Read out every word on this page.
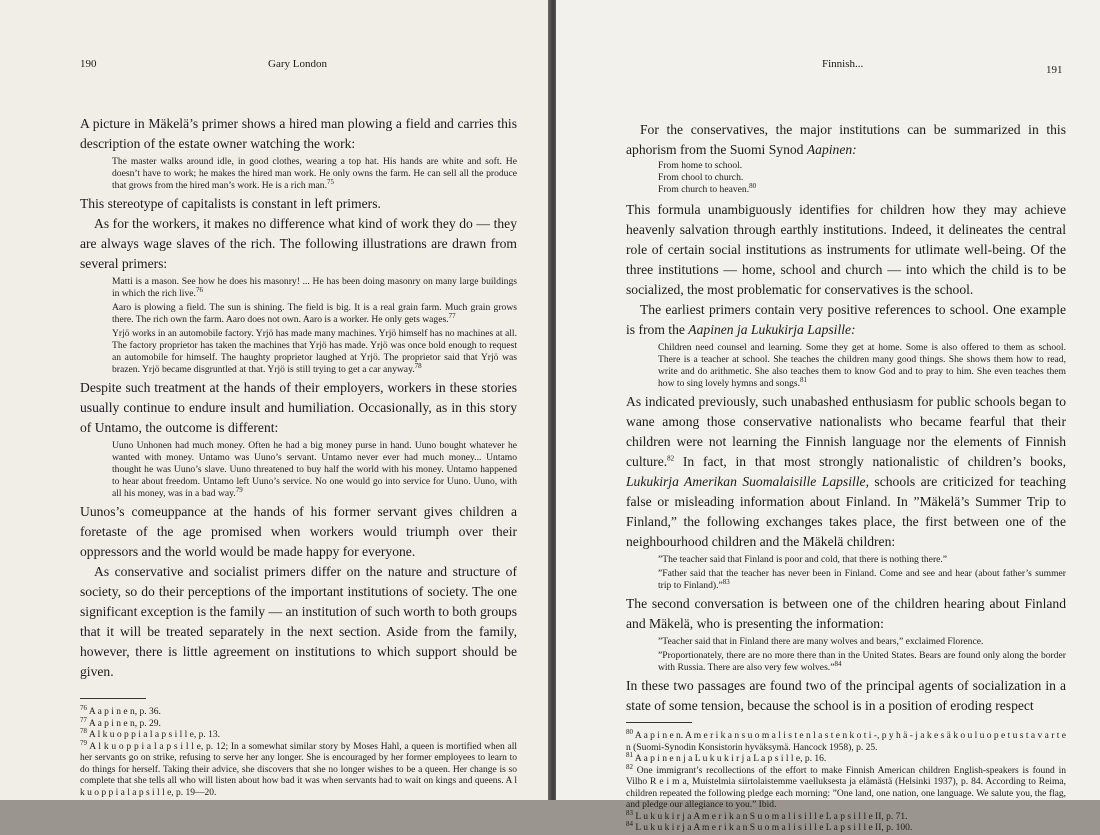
190	Gary London

A picture in Mäkelä’s primer shows a hired man plowing a field and carries this description of the estate owner watching the work:

The master walks around idle, in good clothes, wearing a top hat. His hands are white and soft. He doesn’t have to work; he makes the hired man work. He only owns the farm. He can sell all the produce that grows from the hired man’s work. He is a rich man.$^{75}$

This stereotype of capitalists is constant in left primers.

As for the workers, it makes no difference what kind of work they do — they are always wage slaves of the rich. The following illustrations are drawn from several primers:

Matti is a mason. See how he does his masonry! ... He has been doing masonry on many large buildings in which the rich live.$^{76}$
Aaro is plowing a field. The sun is shining. The field is big. It is a real grain farm. Much grain grows there. The rich own the farm. Aaro does not own. Aaro is a worker. He only gets wages.$^{77}$
Yrjö works in an automobile factory. Yrjö has made many machines. Yrjö himself has no machines at all. The factory proprietor has taken the machines that Yrjö has made. Yrjö was once bold enough to request an automobile for himself. The haughty proprietor laughed at Yrjö. The proprietor said that Yrjö was brazen. Yrjö became disgruntled at that. Yrjö is still trying to get a car anyway.$^{78}$

Despite such treatment at the hands of their employers, workers in these stories usually continue to endure insult and humiliation. Occasionally, as in this story of Untamo, the outcome is different:

Uuno Unhonen had much money. Often he had a big money purse in hand. Uuno bought whatever he wanted with money. Untamo was Uuno’s servant. Untamo never ever had much money... Untamo thought he was Uuno’s slave. Uuno threatened to buy half the world with his money. Untamo happened to hear about freedom. Untamo left Uuno’s service. No one would go into service for Uuno. Uuno, with all his money, was in a bad way.$^{79}$

Uunos’s comeuppance at the hands of his former servant gives children a foretaste of the age promised when workers would triumph over their oppressors and the world would be made happy for everyone.

As conservative and socialist primers differ on the nature and structure of society, so do their perceptions of the important institutions of society. The one significant exception is the family — an institution of such worth to both groups that it will be treated separately in the next section. Aside from the family, however, there is little agreement on institutions to which support should be given.

$^{76}$ A a p i n e n, p. 36.
$^{77}$ A a p i n e n, p. 29.
$^{78}$ A l k u o p p i a l a p s i l l e, p. 13.
$^{79}$ A l k u o p p i a l a p s i l l e, p. 12; In a somewhat similar story by Moses Hahl, a queen is mortified when all her servants go on strike, refusing to serve her any longer. She is encouraged by her former employees to learn to do things for herself. Taking their advice, she discovers that she no longer wishes to be a queen. Her change is so complete that she tells all who will listen about how bad it was when servants had to wait on kings and queens. A l k u o p p i a l a p s i l l e, p. 19—20.
Finnish...	191

For the conservatives, the major institutions can be summarized in this aphorism from the Suomi Synod Aapinen:

From home to school.
From chool to church.
From church to heaven.$^{80}$

This formula unambiguously identifies for children how they may achieve heavenly salvation through earthly institutions. Indeed, it delineates the central role of certain social institutions as instruments for utlimate well-being. Of the three institutions — home, school and church — into which the child is to be socialized, the most problematic for conservatives is the school.

The earliest primers contain very positive references to school. One example is from the Aapinen ja Lukukirja Lapsille:

Children need counsel and learning. Some they get at home. Some is also offered to them as school. There is a teacher at school. She teaches the children many good things. She shows them how to read, write and do arithmetic. She also teaches them to know God and to pray to him. She even teaches them how to sing lovely hymns and songs.$^{81}$

As indicated previously, such unabashed enthusiasm for public schools began to wane among those conservative nationalists who became fearful that their children were not learning the Finnish language nor the elements of Finnish culture.$^{82}$ In fact, in that most strongly nationalistic of children’s books, Lukukirja Amerikan Suomalaisille Lapsille, schools are criticized for teaching false or misleading information about Finland. In ”Mäkelä’s Summer Trip to Finland,” the following exchanges takes place, the first between one of the neighbourhood children and the Mäkelä children:

”The teacher said that Finland is poor and cold, that there is nothing there.”
”Father said that the teacher has never been in Finland. Come and see and hear (about father’s summer trip to Finland).”$^{83}$

The second conversation is between one of the children hearing about Finland and Mäkelä, who is presenting the information:

”Teacher said that in Finland there are many wolves and bears,” exclaimed Florence.
”Proportionately, there are no more there than in the United States. Bears are found only along the border with Russia. There are also very few wolves.”$^{84}$

In these two passages are found two of the principal agents of socialization in a state of some tension, because the school is in a position of eroding respect

$^{80}$ A a p i n e n. A m e r i k a n s u o m a l i s t e n l a s t e n k o t i -, p y h ä - j a k e s ä k o u l u o p e t u s t a v a r t e n (Suomi-Synodin Konsistorin hyväksymä. Hancock 1958), p. 25.
$^{81}$ A a p i n e n j a L u k u k i r j a L a p s i l l e, p. 16.
$^{82}$ One immigrant’s recollections of the effort to make Finnish American children English-speakers is found in Vilho R e i m a, Muistelmia siirtolaistemme vaelluksesta ja elämästä (Helsinki 1937), p. 84. According to Reima, children repeated the following pledge each morning: ”One land, one nation, one language. We salute you, the flag, and pledge our allegiance to you.” Ibid.
$^{83}$ L u k u k i r j a A m e r i k a n S u o m a l i s i l l e L a p s i l l e II, p. 71.
$^{84}$ L u k u k i r j a A m e r i k a n S u o m a l i s i l l e L a p s i l l e II, p. 100.
